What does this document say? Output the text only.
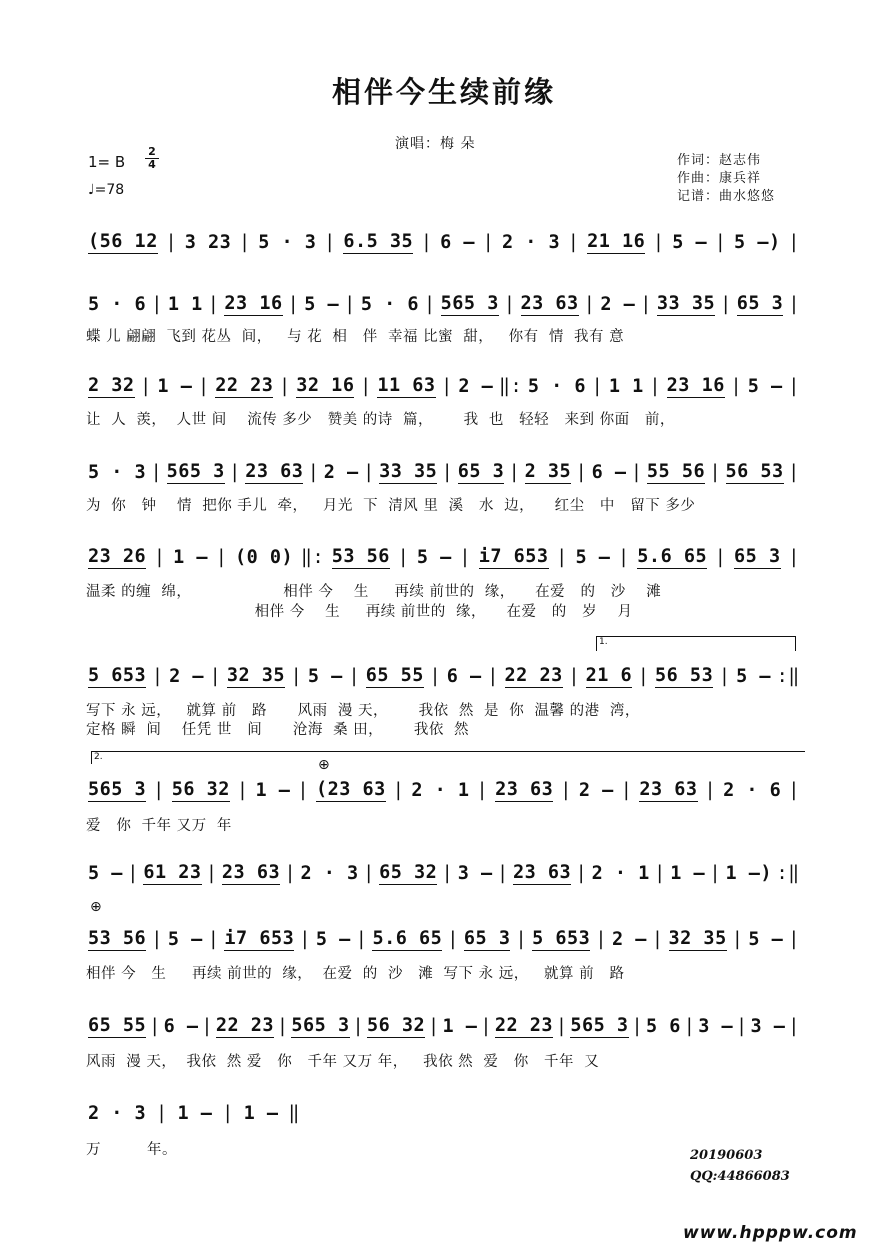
相伴今生续前缘
演唱：梅 朵
作词：赵志伟
作曲：康兵祥
记谱：曲水悠悠
1= B
2
4
♩=78
1.
2.	⊕
⊕
(56 12 | 3 23 | 5 · 3 | 6.5 35 | 6 – | 2 · 3 | 21 16 | 5 – | 5 –) |
5 · 6 | 1 1 | 23 16 | 5 – | 5 · 6 | 565 3 | 23 63 | 2 – | 33 35 | 65 3 |
蝶 儿 翩翩  飞到 花丛  间，   与 花  相   伴  幸福 比蜜  甜，   你有  情  我有 意
2 32 | 1 – | 22 23 | 32 16 | 11 63 | 2 – ‖: 5 · 6 | 1 1 | 23 16 | 5 – |
让  人  羡，  人世 间    流传 多少   赞美 的诗  篇，      我  也   轻轻   来到 你面   前，
5 · 3 | 565 3 | 23 63 | 2 – | 33 35 | 65 3 | 2 35 | 6 – | 55 56 | 56 53 |
为  你   钟    情  把你 手儿  牵，   月光  下  清风 里  溪   水  边，    红尘   中   留下 多少
23 26 | 1 – | (0 0) ‖: 53 56 | 5 – | i7 653 | 5 – | 5.6 65 | 65 3 |
温柔 的缠  绵，                  相伴 今    生     再续 前世的  缘，    在爱   的   沙    滩
相伴 今    生     再续 前世的  缘，    在爱   的   岁    月
5 653 | 2 – | 32 35 | 5 – | 65 55 | 6 – | 22 23 | 21 6 | 56 53 | 5 – :‖
写下 永 远，   就算 前   路      风雨  漫 天，      我依  然  是  你  温馨 的港  湾，
定格 瞬  间    任凭 世   间      沧海  桑 田，      我依  然
565 3 | 56 32 | 1 – | (23 63 | 2 · 1 | 23 63 | 2 – | 23 63 | 2 · 6 |
爱   你  千年 又万  年
5 – | 61 23 | 23 63 | 2 · 3 | 65 32 | 3 – | 23 63 | 2 · 1 | 1 – | 1 –) :‖
53 56 | 5 – | i7 653 | 5 – | 5.6 65 | 65 3 | 5 653 | 2 – | 32 35 | 5 – |
相伴 今   生     再续 前世的  缘，  在爱  的  沙   滩  写下 永 远，   就算 前   路
65 55 | 6 – | 22 23 | 565 3 | 56 32 | 1 – | 22 23 | 565 3 | 5 6 | 3 – | 3 – |
风雨  漫 天，  我依  然 爱   你   千年 又万 年，   我依 然  爱   你   千年  又
2 · 3 | 1 – | 1 – ‖
万         年。	20190603
QQ:44866083
www.hpppw.com
